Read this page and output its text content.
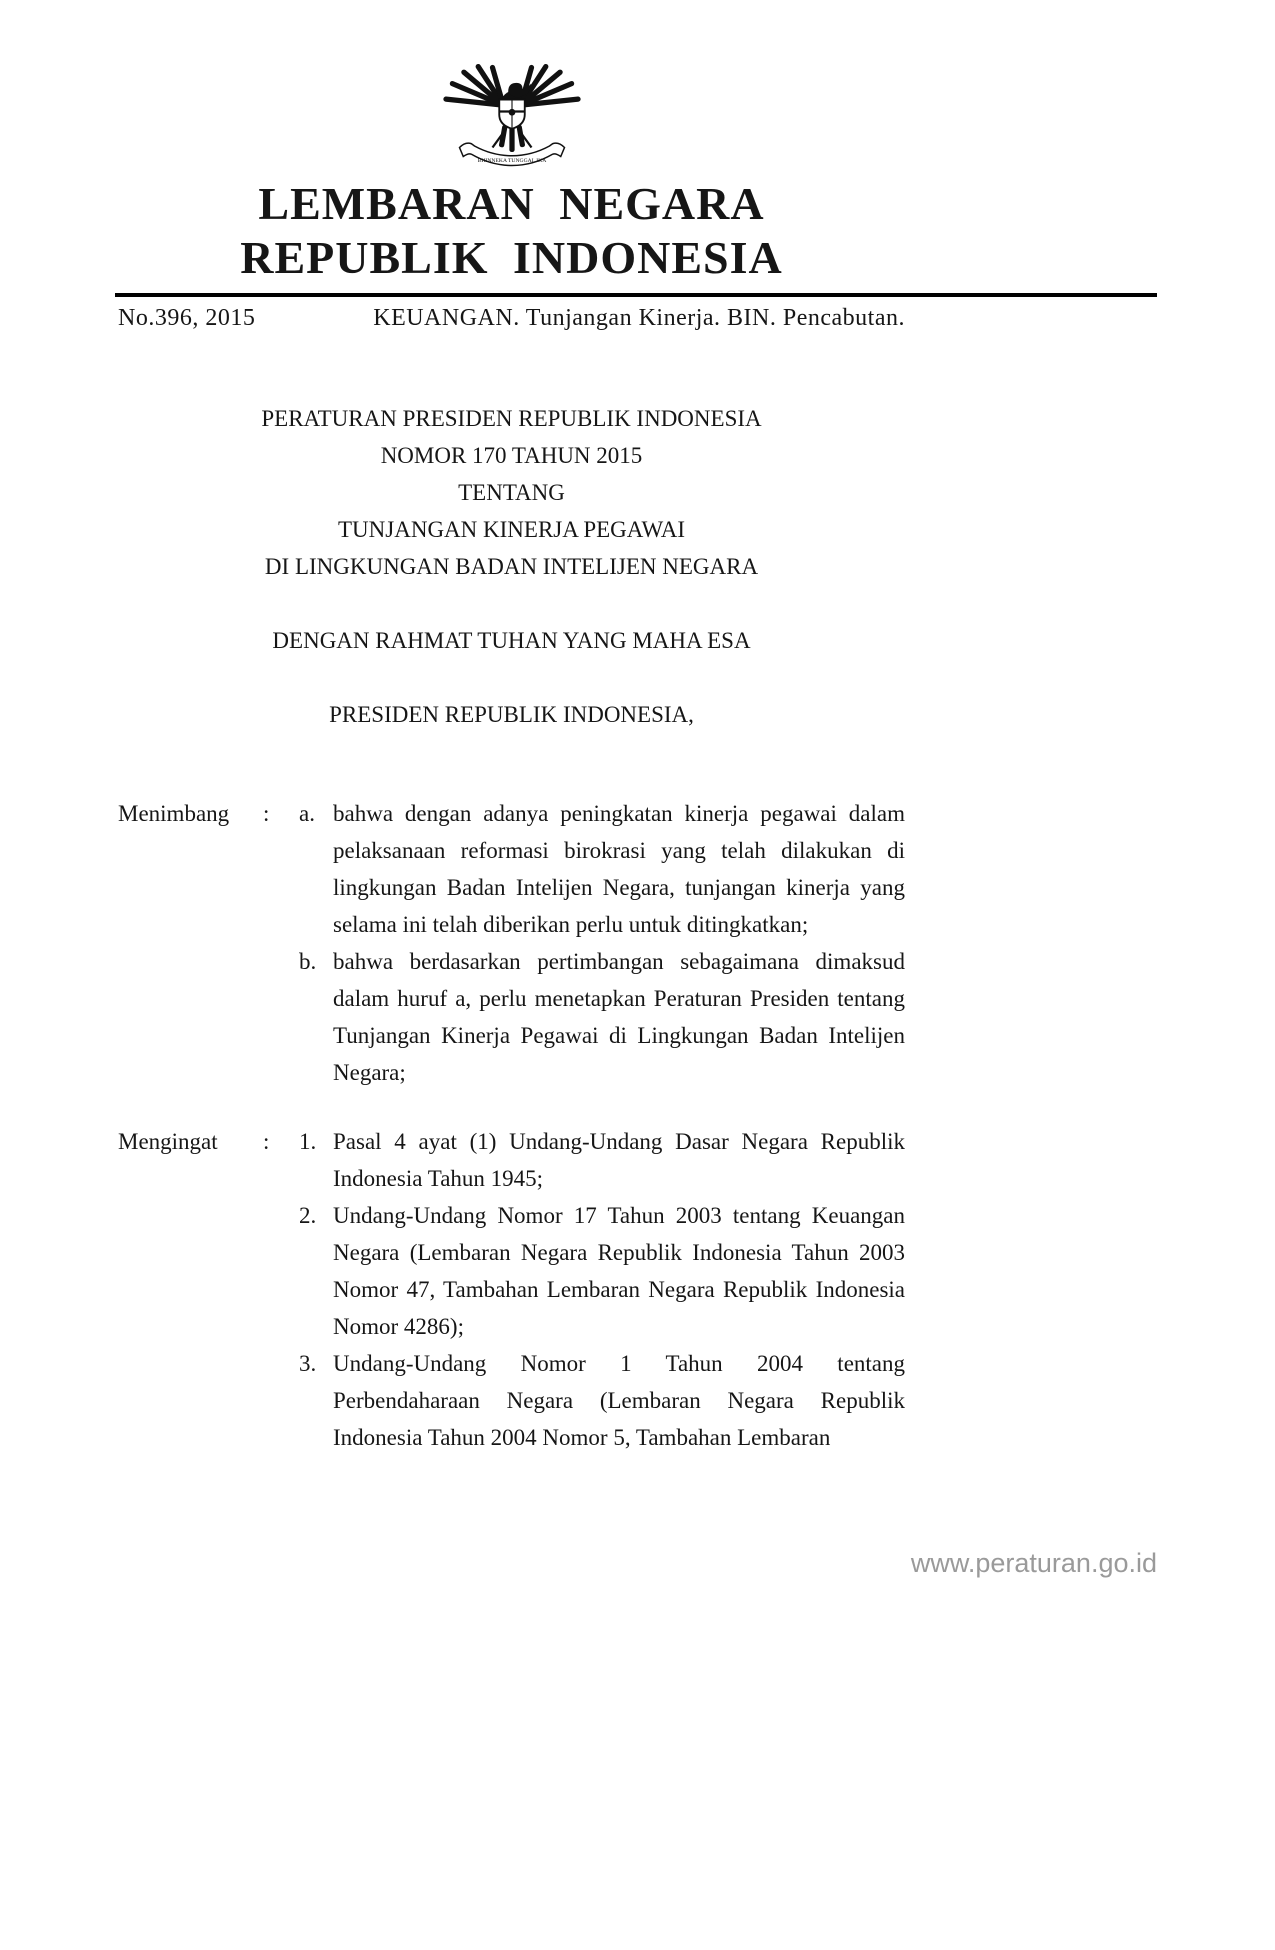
BHINNEKA TUNGGAL IKA
LEMBARAN NEGARA
REPUBLIK INDONESIA
No.396, 2015	KEUANGAN. Tunjangan Kinerja. BIN. Pencabutan.
PERATURAN PRESIDEN REPUBLIK INDONESIA
NOMOR 170 TAHUN 2015
TENTANG
TUNJANGAN KINERJA PEGAWAI
DI LINGKUNGAN BADAN INTELIJEN NEGARA
DENGAN RAHMAT TUHAN YANG MAHA ESA
PRESIDEN REPUBLIK INDONESIA,
Menimbang	:	a. bahwa dengan adanya peningkatan kinerja pegawai dalam pelaksanaan reformasi birokrasi yang telah dilakukan di lingkungan Badan Intelijen Negara, tunjangan kinerja yang selama ini telah diberikan perlu untuk ditingkatkan;
b. bahwa berdasarkan pertimbangan sebagaimana dimaksud dalam huruf a, perlu menetapkan Peraturan Presiden tentang Tunjangan Kinerja Pegawai di Lingkungan Badan Intelijen Negara;
Mengingat	:	1. Pasal 4 ayat (1) Undang-Undang Dasar Negara Republik Indonesia Tahun 1945;
2. Undang-Undang Nomor 17 Tahun 2003 tentang Keuangan Negara (Lembaran Negara Republik Indonesia Tahun 2003 Nomor 47, Tambahan Lembaran Negara Republik Indonesia Nomor 4286);
3. Undang-Undang Nomor 1 Tahun 2004 tentang Perbendaharaan Negara (Lembaran Negara Republik Indonesia Tahun 2004 Nomor 5, Tambahan Lembaran
www.peraturan.go.id
